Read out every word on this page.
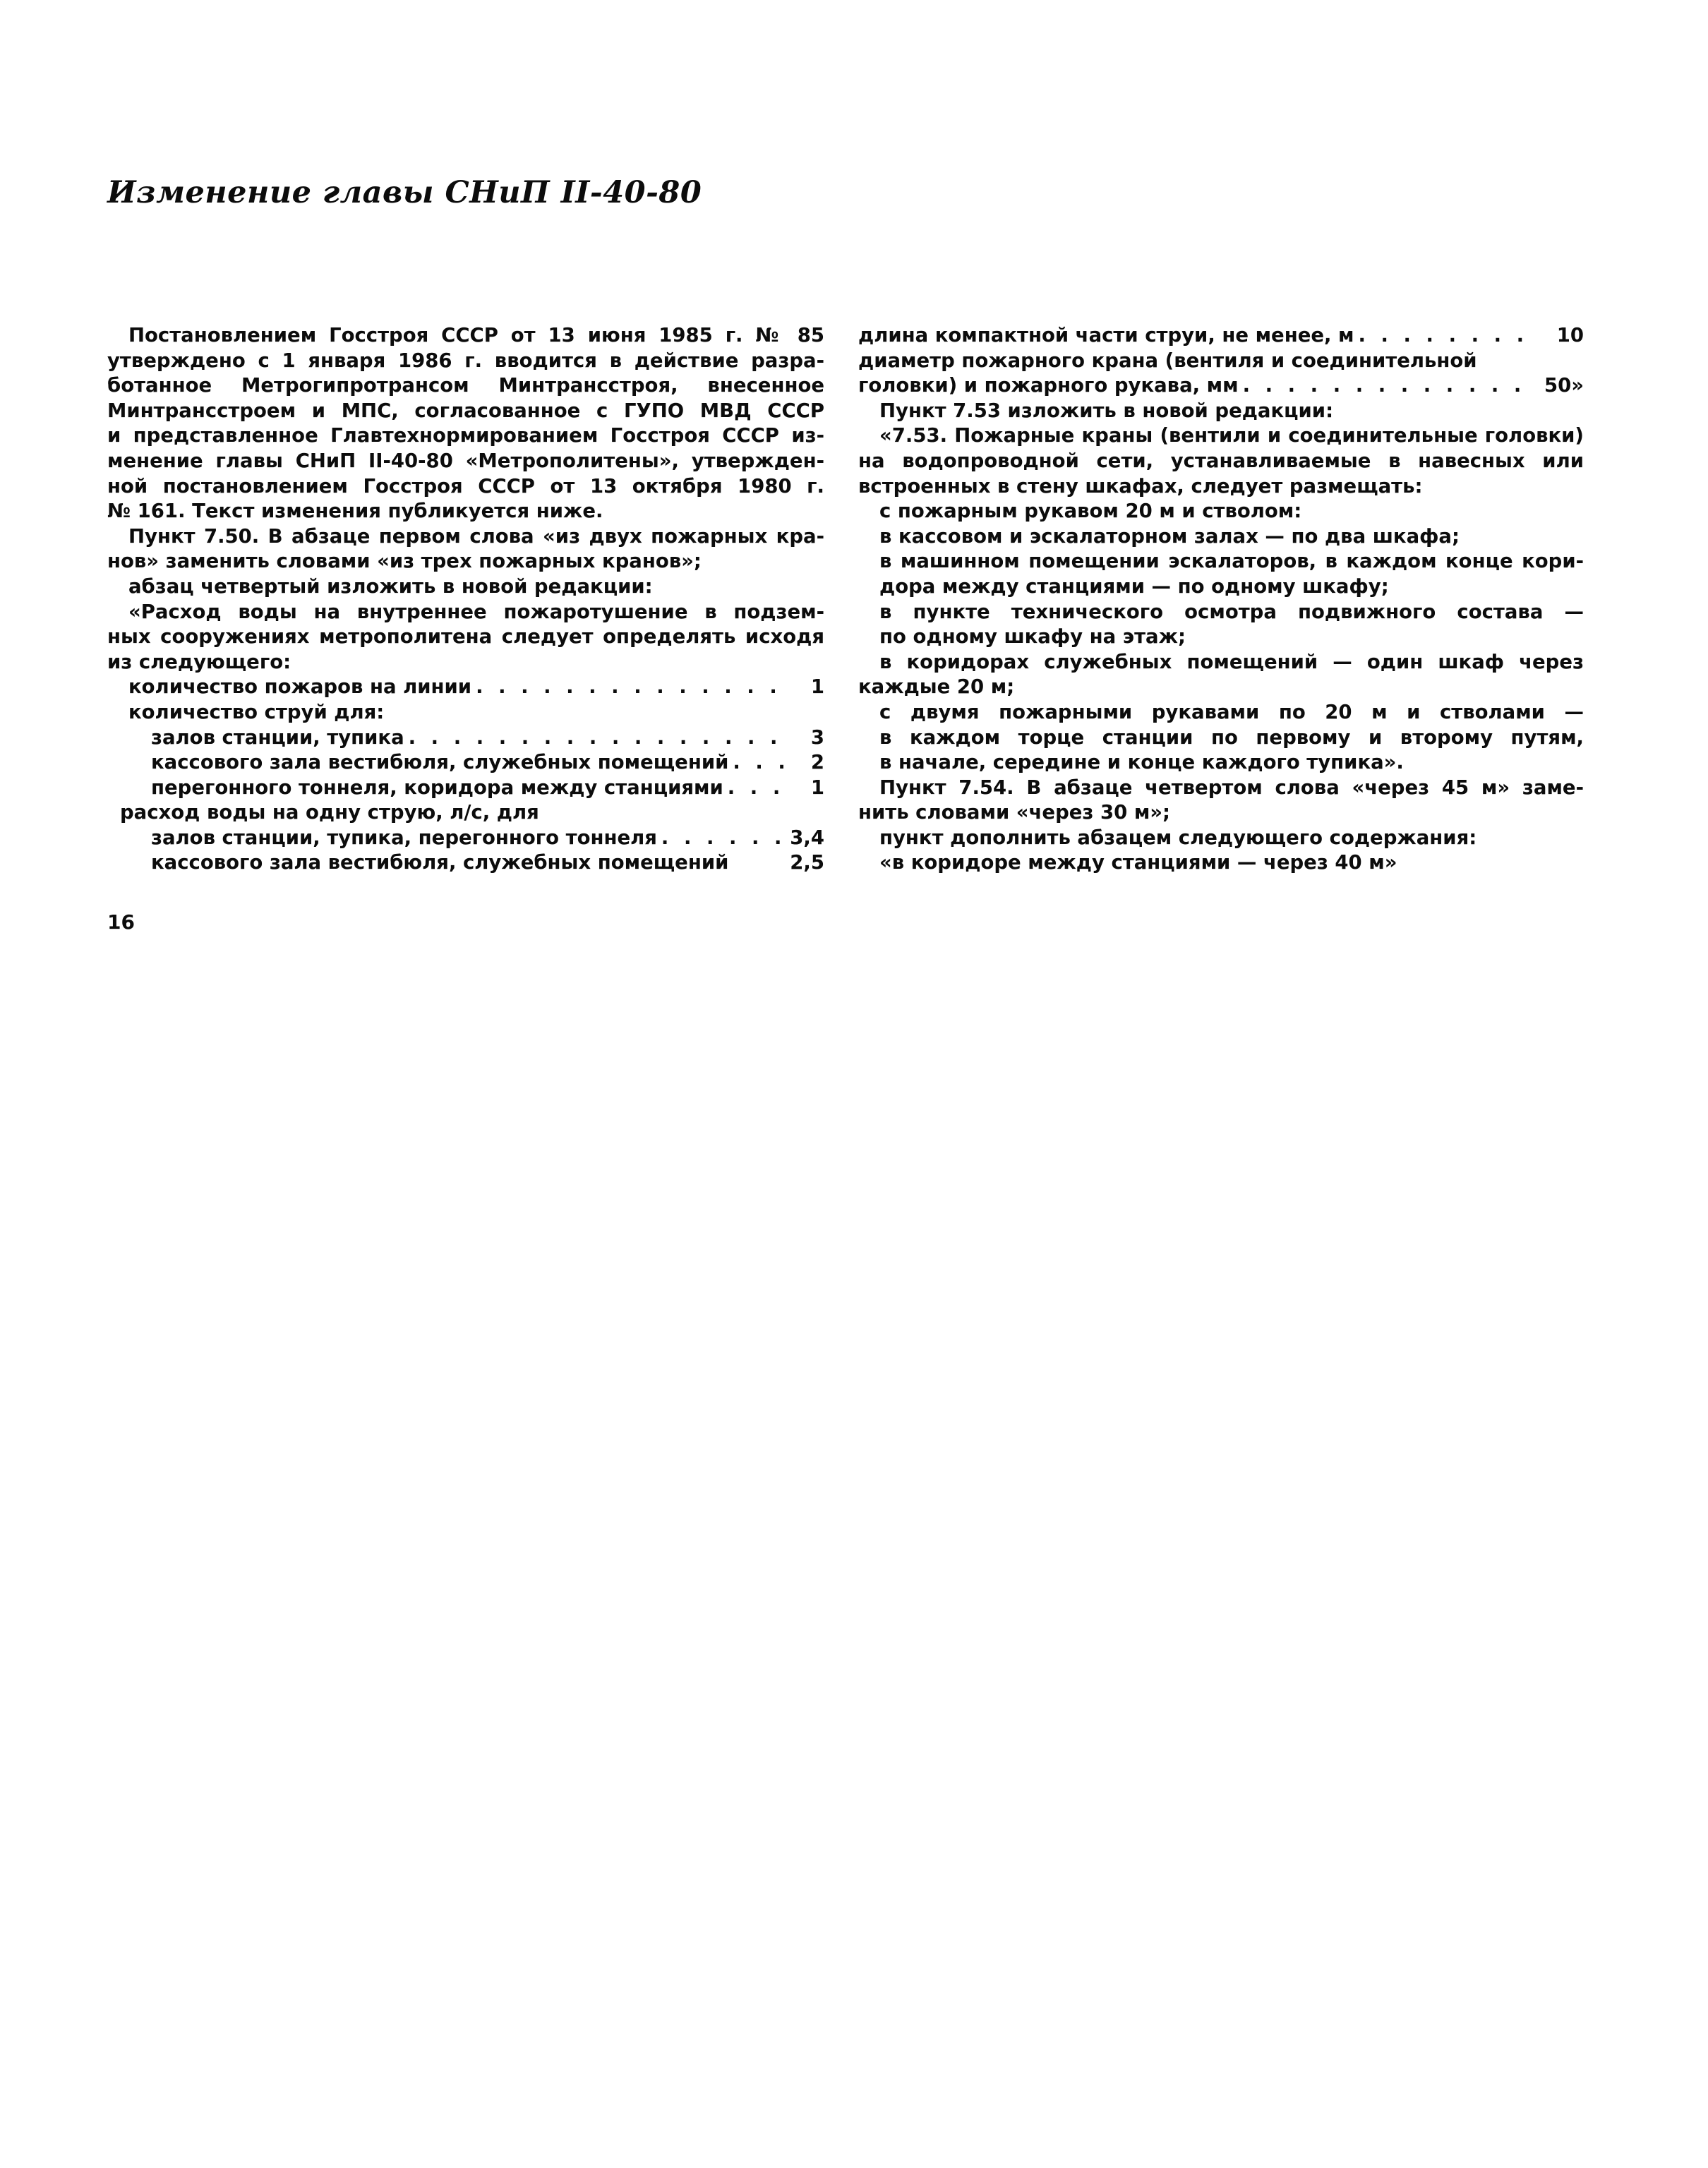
Изменение главы СНиП II-40-80
Постановлением Госстроя СССР от 13 июня 1985 г. № 85
утверждено с 1 января 1986 г. вводится в действие разра-
ботанное Метрогипротрансом Минтрансстроя, внесенное
Минтрансстроем и МПС, согласованное с ГУПО МВД СССР
и представленное Главтехнормированием Госстроя СССР из-
менение главы СНиП II-40-80 «Метрополитены», утвержден-
ной постановлением Госстроя СССР от 13 октября 1980 г.
№ 161. Текст изменения публикуется ниже.
Пункт 7.50. В абзаце первом слова «из двух пожарных кра-
нов» заменить словами «из трех пожарных кранов»;
абзац четвертый изложить в новой редакции:
«Расход воды на внутреннее пожаротушение в подзем-
ных сооружениях метрополитена следует определять исходя
из следующего:
количество пожаров на линии . . .	1
количество струй для:
залов станции, тупика . . .	3
кассового зала вестибюля, служебных помещений . . .	2
перегонного тоннеля, коридора между станциями . . .	1
расход воды на одну струю, л/с, для
залов станции, тупика, перегонного тоннеля . . .	3,4
кассового зала вестибюля, служебных помещений	2,5
длина компактной части струи, не менее, м . . .	10
диаметр пожарного крана (вентиля и соединительной
головки) и пожарного рукава, мм . . .	50»
Пункт 7.53 изложить в новой редакции:
«7.53. Пожарные краны (вентили и соединительные головки)
на водопроводной сети, устанавливаемые в навесных или
встроенных в стену шкафах, следует размещать:
с пожарным рукавом 20 м и стволом:
в кассовом и эскалаторном залах — по два шкафа;
в машинном помещении эскалаторов, в каждом конце кори-
дора между станциями — по одному шкафу;
в пункте технического осмотра подвижного состава —
по одному шкафу на этаж;
в коридорах служебных помещений — один шкаф через
каждые 20 м;
с двумя пожарными рукавами по 20 м и стволами —
в каждом торце станции по первому и второму путям,
в начале, середине и конце каждого тупика».
Пункт 7.54. В абзаце четвертом слова «через 45 м» заме-
нить словами «через 30 м»;
пункт дополнить абзацем следующего содержания:
«в коридоре между станциями — через 40 м»
16
